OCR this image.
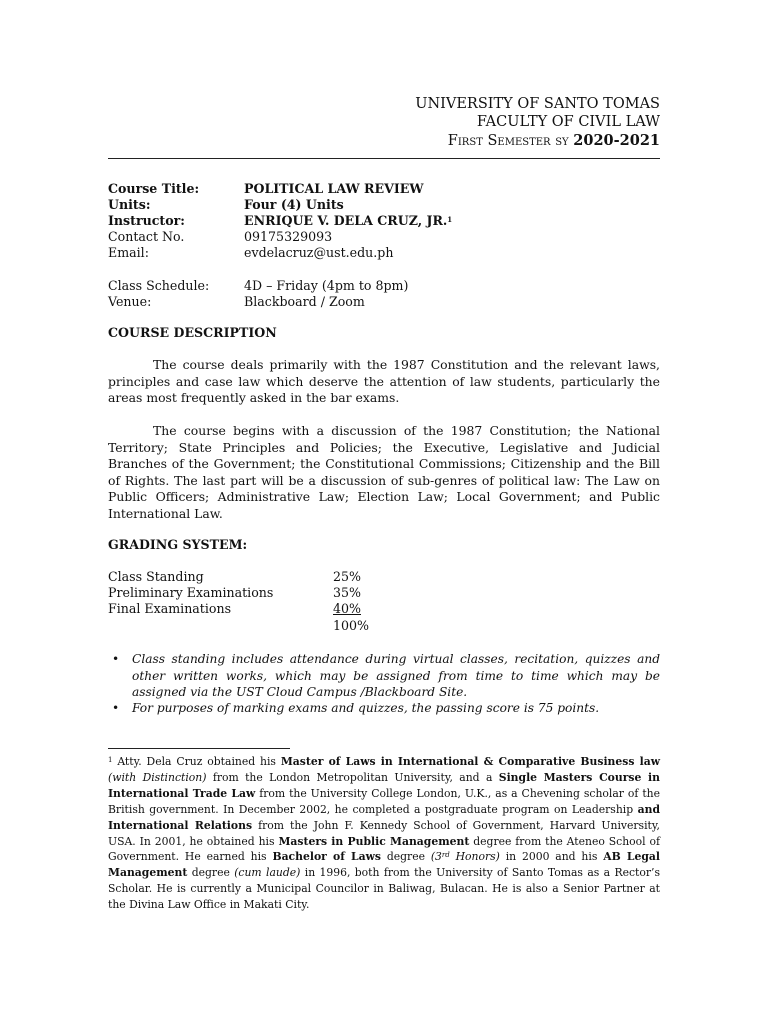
UNIVERSITY OF SANTO TOMAS
FACULTY OF CIVIL LAW
First Semester sy 2020-2021
Course Title:	POLITICAL LAW REVIEW
Units:	Four (4) Units
Instructor:	ENRIQUE V. DELA CRUZ, JR.$^1$
Contact No.	09175329093
Email:	evdelacruz@ust.edu.ph
Class Schedule:	4D – Friday (4pm to 8pm)
Venue:	Blackboard / Zoom
COURSE DESCRIPTION

The course deals primarily with the 1987 Constitution and the relevant laws, principles and case law which deserve the attention of law students, particularly the areas most frequently asked in the bar exams.

The course begins with a discussion of the 1987 Constitution; the National Territory; State Principles and Policies; the Executive, Legislative and Judicial Branches of the Government; the Constitutional Commissions; Citizenship and the Bill of Rights. The last part will be a discussion of sub-genres of political law: The Law on Public Officers; Administrative Law; Election Law; Local Government; and Public International Law.

GRADING SYSTEM:
Class Standing	25%
Preliminary Examinations	35%
Final Examinations	40%
100%
• Class standing includes attendance during virtual classes, recitation, quizzes and other written works, which may be assigned from time to time which may be assigned via the UST Cloud Campus /Blackboard Site.
• For purposes of marking exams and quizzes, the passing score is 75 points.
$^1$ Atty. Dela Cruz obtained his Master of Laws in International & Comparative Business law (with Distinction) from the London Metropolitan University, and a Single Masters Course in International Trade Law from the University College London, U.K., as a Chevening scholar of the British government. In December 2002, he completed a postgraduate program on Leadership and International Relations from the John F. Kennedy School of Government, Harvard University, USA. In 2001, he obtained his Masters in Public Management degree from the Ateneo School of Government. He earned his Bachelor of Laws degree (3rd Honors) in 2000 and his AB Legal Management degree (cum laude) in 1996, both from the University of Santo Tomas as a Rector’s Scholar. He is currently a Municipal Councilor in Baliwag, Bulacan. He is also a Senior Partner at the Divina Law Office in Makati City.
